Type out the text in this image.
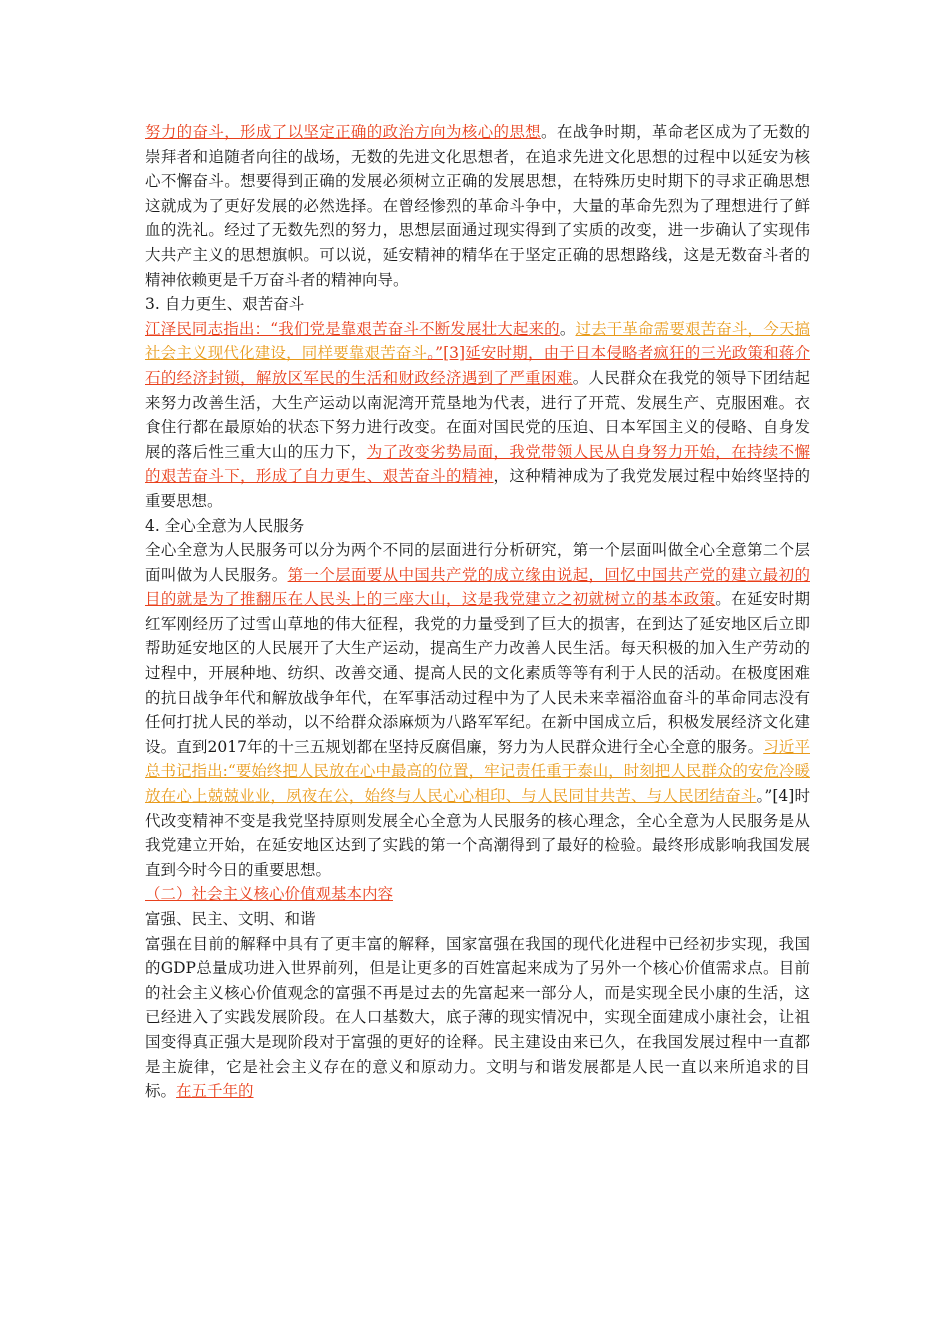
努力的奋斗，形成了以坚定正确的政治方向为核心的思想。在战争时期，革命老区成为了无数的崇拜者和追随者向往的战场，无数的先进文化思想者，在追求先进文化思想的过程中以延安为核心不懈奋斗。想要得到正确的发展必须树立正确的发展思想，在特殊历史时期下的寻求正确思想这就成为了更好发展的必然选择。在曾经惨烈的革命斗争中，大量的革命先烈为了理想进行了鲜血的洗礼。经过了无数先烈的努力，思想层面通过现实得到了实质的改变，进一步确认了实现伟大共产主义的思想旗帜。可以说，延安精神的精华在于坚定正确的思想路线，这是无数奋斗者的精神依赖更是千万奋斗者的精神向导。
3. 自力更生、艰苦奋斗
江泽民同志指出：“我们党是靠艰苦奋斗不断发展壮大起来的。过去干革命需要艰苦奋斗，今天搞社会主义现代化建设，同样要靠艰苦奋斗。”[3]延安时期，由于日本侵略者疯狂的三光政策和蒋介石的经济封锁，解放区军民的生活和财政经济遇到了严重困难。人民群众在我党的领导下团结起来努力改善生活，大生产运动以南泥湾开荒垦地为代表，进行了开荒、发展生产、克服困难。衣食住行都在最原始的状态下努力进行改变。在面对国民党的压迫、日本军国主义的侵略、自身发展的落后性三重大山的压力下，为了改变劣势局面，我党带领人民从自身努力开始，在持续不懈的艰苦奋斗下，形成了自力更生、艰苦奋斗的精神，这种精神成为了我党发展过程中始终坚持的重要思想。
4. 全心全意为人民服务
全心全意为人民服务可以分为两个不同的层面进行分析研究，第一个层面叫做全心全意第二个层面叫做为人民服务。第一个层面要从中国共产党的成立缘由说起，回忆中国共产党的建立最初的目的就是为了推翻压在人民头上的三座大山，这是我党建立之初就树立的基本政策。在延安时期红军刚经历了过雪山草地的伟大征程，我党的力量受到了巨大的损害，在到达了延安地区后立即帮助延安地区的人民展开了大生产运动，提高生产力改善人民生活。每天积极的加入生产劳动的过程中，开展种地、纺织、改善交通、提高人民的文化素质等等有利于人民的活动。在极度困难的抗日战争年代和解放战争年代，在军事活动过程中为了人民未来幸福浴血奋斗的革命同志没有任何打扰人民的举动，以不给群众添麻烦为八路军军纪。在新中国成立后，积极发展经济文化建设。直到2017年的十三五规划都在坚持反腐倡廉，努力为人民群众进行全心全意的服务。习近平总书记指出:“要始终把人民放在心中最高的位置，牢记责任重于泰山，时刻把人民群众的安危冷暖放在心上兢兢业业，夙夜在公，始终与人民心心相印、与人民同甘共苦、与人民团结奋斗。”[4]时代改变精神不变是我党坚持原则发展全心全意为人民服务的核心理念，全心全意为人民服务是从我党建立开始，在延安地区达到了实践的第一个高潮得到了最好的检验。最终形成影响我国发展直到今时今日的重要思想。
（二）社会主义核心价值观基本内容
富强、民主、文明、和谐
富强在目前的解释中具有了更丰富的解释，国家富强在我国的现代化进程中已经初步实现，我国的GDP总量成功进入世界前列，但是让更多的百姓富起来成为了另外一个核心价值需求点。目前的社会主义核心价值观念的富强不再是过去的先富起来一部分人，而是实现全民小康的生活，这已经进入了实践发展阶段。在人口基数大，底子薄的现实情况中，实现全面建成小康社会，让祖国变得真正强大是现阶段对于富强的更好的诠释。民主建设由来已久，在我国发展过程中一直都是主旋律，它是社会主义存在的意义和原动力。文明与和谐发展都是人民一直以来所追求的目标。在五千年的
